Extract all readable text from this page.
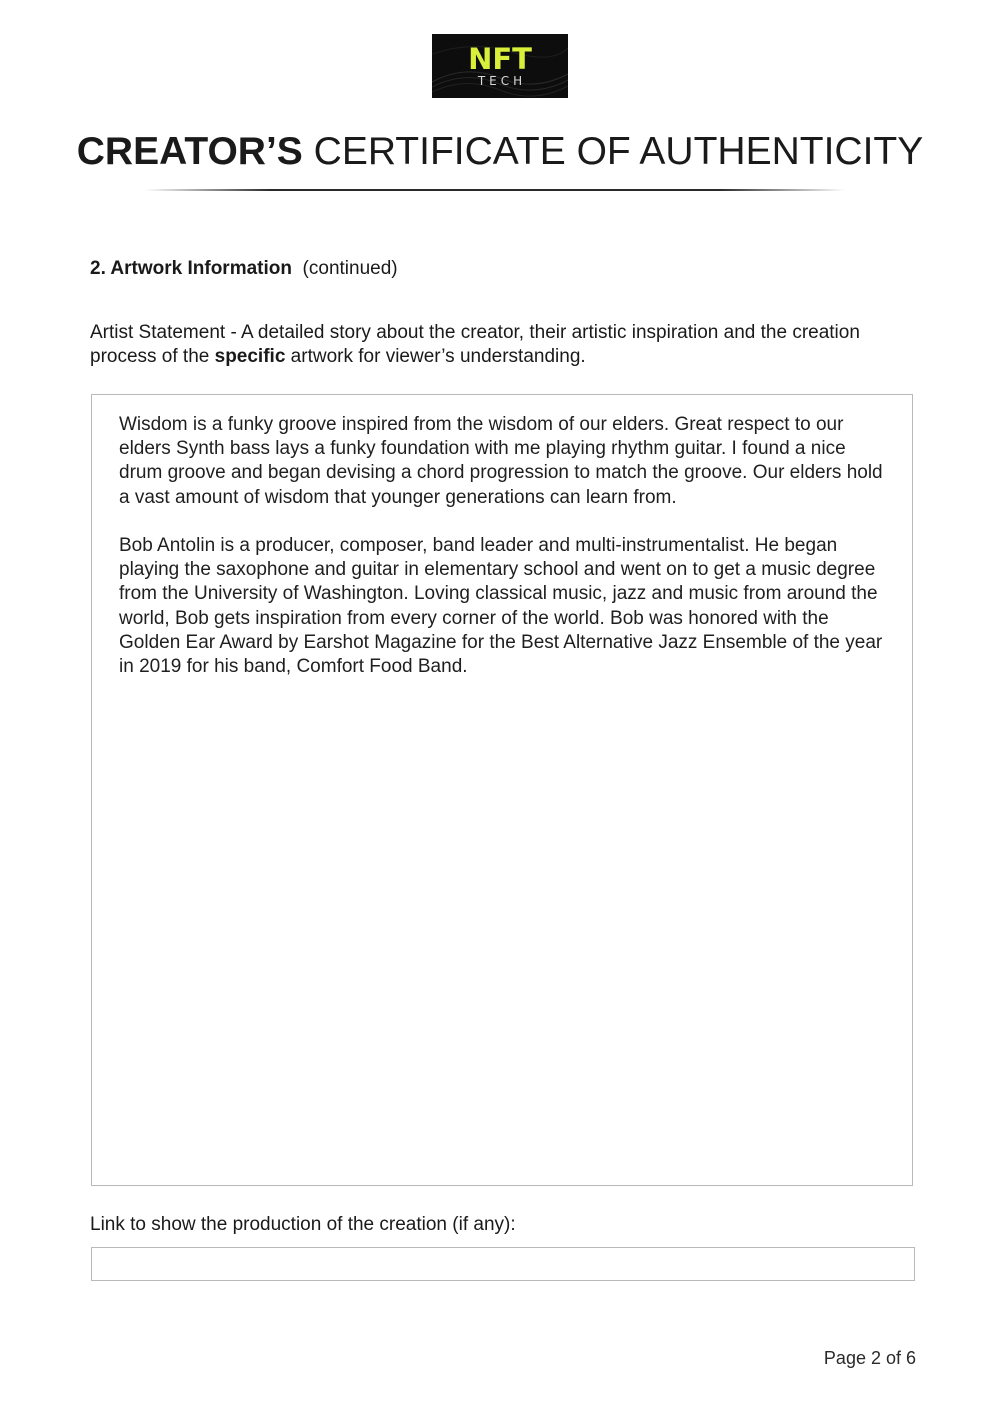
NFT
TECH
CREATOR’S CERTIFICATE OF AUTHENTICITY
2. Artwork Information (continued)
Artist Statement - A detailed story about the creator, their artistic inspiration and the creation process of the specific artwork for viewer’s understanding.

Wisdom is a funky groove inspired from the wisdom of our elders. Great respect to our elders Synth bass lays a funky foundation with me playing rhythm guitar. I found a nice drum groove and began devising a chord progression to match the groove. Our elders hold a vast amount of wisdom that younger generations can learn from.

Bob Antolin is a producer, composer, band leader and multi-instrumentalist. He began playing the saxophone and guitar in elementary school and went on to get a music degree from the University of Washington. Loving classical music, jazz and music from around the world, Bob gets inspiration from every corner of the world. Bob was honored with the Golden Ear Award by Earshot Magazine for the Best Alternative Jazz Ensemble of the year in 2019 for his band, Comfort Food Band.

Link to show the production of the creation (if any):
Page 2 of 6
